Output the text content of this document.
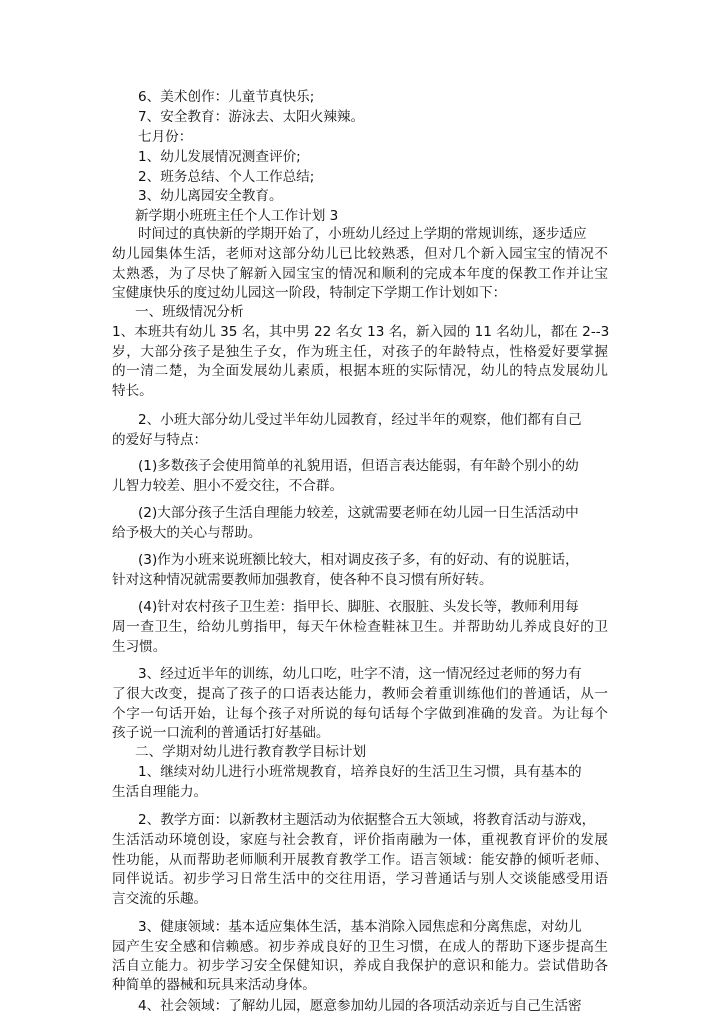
6、美术创作：儿童节真快乐;

7、安全教育：游泳去、太阳火辣辣。

七月份：

1、幼儿发展情况测查评价;

2、班务总结、个人工作总结;

3、幼儿离园安全教育。

新学期小班班主任个人工作计划 3

时间过的真快新的学期开始了，小班幼儿经过上学期的常规训练，逐步适应

幼儿园集体生活，老师对这部分幼儿已比较熟悉，但对几个新入园宝宝的情况不

太熟悉，为了尽快了解新入园宝宝的情况和顺利的完成本年度的保教工作并让宝

宝健康快乐的度过幼儿园这一阶段，特制定下学期工作计划如下：

一、班级情况分析

1、本班共有幼儿 35 名，其中男 22 名女 13 名，新入园的 11 名幼儿，都在 2--3

岁，大部分孩子是独生子女，作为班主任，对孩子的年龄特点，性格爱好要掌握

的一清二楚，为全面发展幼儿素质，根据本班的实际情况，幼儿的特点发展幼儿

特长。

2、小班大部分幼儿受过半年幼儿园教育，经过半年的观察，他们都有自己

的爱好与特点：

(1)多数孩子会使用简单的礼貌用语，但语言表达能弱，有年龄个别小的幼

儿智力较差、胆小不爱交往，不合群。

(2)大部分孩子生活自理能力较差，这就需要老师在幼儿园一日生活活动中

给予极大的关心与帮助。

(3)作为小班来说班额比较大，相对调皮孩子多，有的好动、有的说脏话，

针对这种情况就需要教师加强教育，使各种不良习惯有所好转。

(4)针对农村孩子卫生差：指甲长、脚脏、衣服脏、头发长等，教师利用每

周一查卫生，给幼儿剪指甲，每天午休检查鞋袜卫生。并帮助幼儿养成良好的卫

生习惯。

3、经过近半年的训练，幼儿口吃，吐字不清，这一情况经过老师的努力有

了很大改变，提高了孩子的口语表达能力，教师会着重训练他们的普通话，从一

个字一句话开始，让每个孩子对所说的每句话每个字做到准确的发音。为让每个

孩子说一口流利的普通话打好基础。

二、学期对幼儿进行教育教学目标计划

1、继续对幼儿进行小班常规教育，培养良好的生活卫生习惯，具有基本的

生活自理能力。

2、教学方面：以新教材主题活动为依据整合五大领域，将教育活动与游戏，

生活活动环境创设，家庭与社会教育，评价指南融为一体，重视教育评价的发展

性功能，从而帮助老师顺利开展教育教学工作。语言领域：能安静的倾听老师、

同伴说话。初步学习日常生活中的交往用语，学习普通话与别人交谈能感受用语

言交流的乐趣。

3、健康领域：基本适应集体生活，基本消除入园焦虑和分离焦虑，对幼儿

园产生安全感和信赖感。初步养成良好的卫生习惯，在成人的帮助下逐步提高生

活自立能力。初步学习安全保健知识，养成自我保护的意识和能力。尝试借助各

种简单的器械和玩具来活动身体。

4、社会领域：了解幼儿园，愿意参加幼儿园的各项活动亲近与自己生活密
